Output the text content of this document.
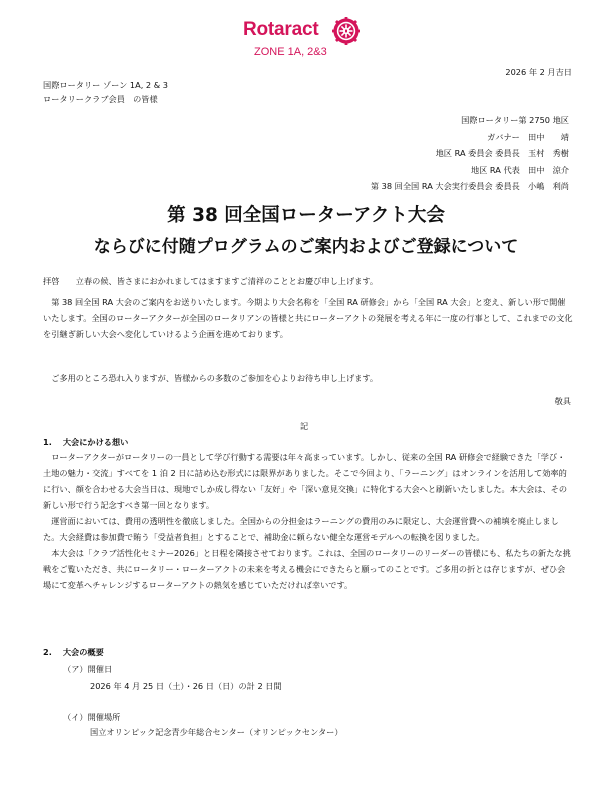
Rotaract
ZONE 1A, 2&3
2026 年 2 月吉日
国際ロータリー ゾーン 1A, 2 & 3
ロータリークラブ会員　の皆様
国際ロータリー第 2750 地区
ガバナー　田中　　靖
地区 RA 委員会 委員長　玉村　秀樹
地区 RA 代表　田中　涼介
第 38 回全国 RA 大会実行委員会 委員長　小嶋　利尚
第 38 回全国ローターアクト大会
ならびに付随プログラムのご案内およびご登録について
拝啓　　立春の候、皆さまにおかれましてはますますご清祥のこととお慶び申し上げます。
　第 38 回全国 RA 大会のご案内をお送りいたします。今期より大会名称を「全国 RA 研修会」から「全国 RA 大会」と変え、新しい形で開催いたします。全国のローターアクターが全国のロータリアンの皆様と共にローターアクトの発展を考える年に一度の行事として、これまでの文化を引継ぎ新しい大会へ変化していけるよう企画を進めております。
　ご多用のところ恐れ入りますが、皆様からの多数のご参加を心よりお待ち申し上げます。
敬具
記
1.　 大会にかける想い
　ローターアクターがロータリーの一員として学び行動する需要は年々高まっています。しかし、従来の全国 RA 研修会で経験できた「学び・土地の魅力・交流」すべてを 1 泊 2 日に詰め込む形式には限界がありました。そこで今回より、「ラーニング」はオンラインを活用して効率的に行い、顔を合わせる大会当日は、現地でしか成し得ない「友好」や「深い意見交換」に特化する大会へと刷新いたしました。本大会は、その新しい形で行う記念すべき第一回となります。
　運営面においては、費用の透明性を徹底しました。全国からの分担金はラーニングの費用のみに限定し、大会運営費への補填を廃止しました。大会経費は参加費で賄う「受益者負担」とすることで、補助金に頼らない健全な運営モデルへの転換を図りました。
　本大会は「クラブ活性化セミナー2026」と日程を隣接させております。これは、全国のロータリーのリーダーの皆様にも、私たちの新たな挑戦をご覧いただき、共にロータリー・ローターアクトの未来を考える機会にできたらと願ってのことです。ご多用の折とは存じますが、ぜひ会場にて変革へチャレンジするローターアクトの熱気を感じていただければ幸いです。
2.　 大会の概要
（ア）開催日
2026 年 4 月 25 日（土）・26 日（日）の計 2 日間
（イ）開催場所
国立オリンピック記念青少年総合センター（オリンピックセンター）
